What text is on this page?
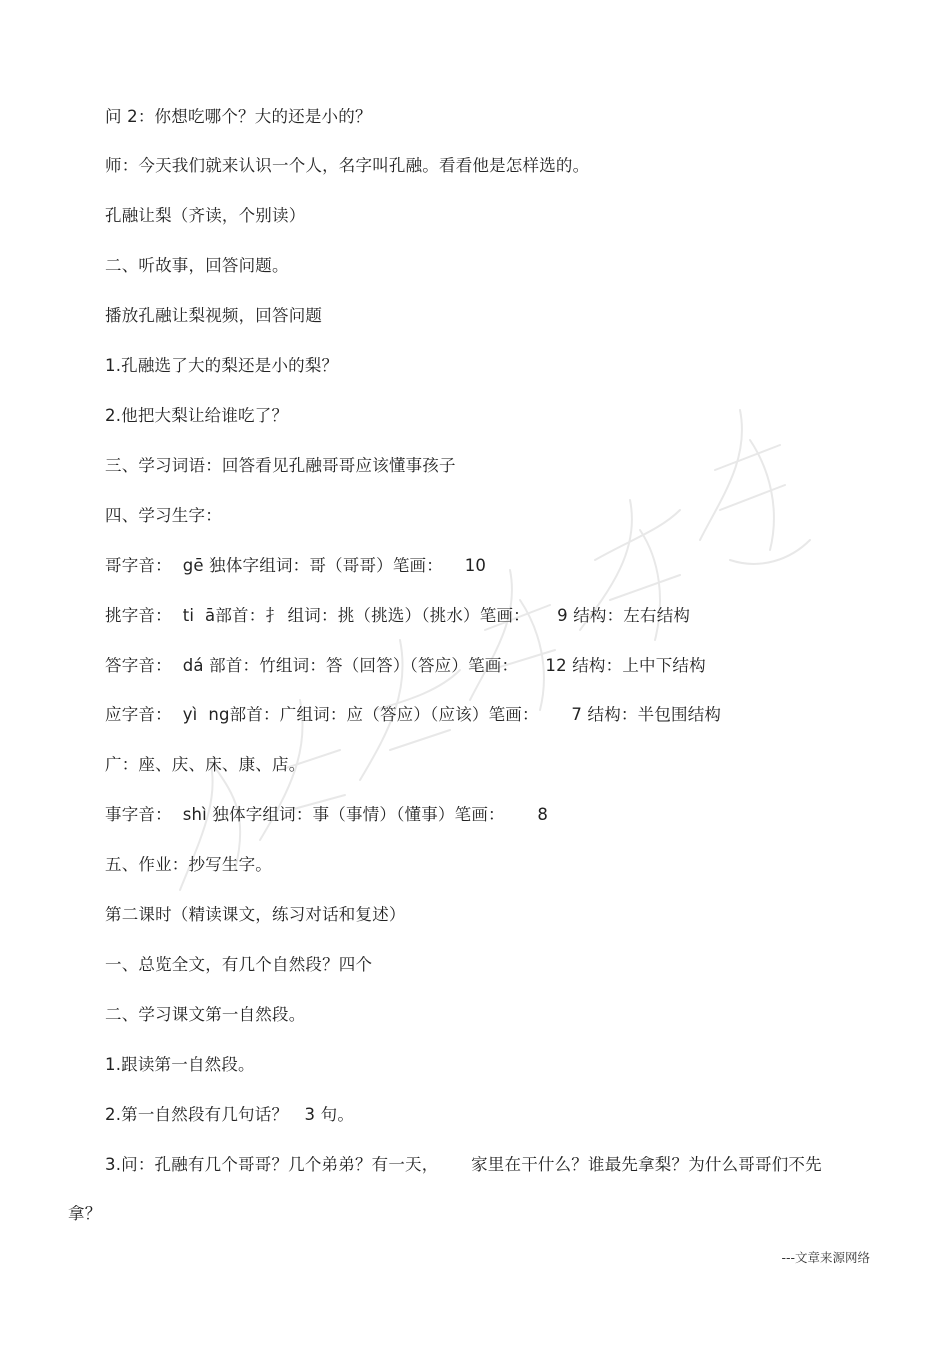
问 2：你想吃哪个？大的还是小的？
师：今天我们就来认识一个人，名字叫孔融。看看他是怎样选的。
孔融让梨（齐读，个别读）
二、听故事，回答问题。
播放孔融让梨视频，回答问题
1.孔融选了大的梨还是小的梨？
2.他把大梨让给谁吃了？
三、学习词语：回答看见孔融哥哥应该懂事孩子
四、学习生字：
哥字音：  gē 独体字组词：哥（哥哥）笔画：    10
挑字音：  ti  ā部首：扌 组词：挑（挑选）（挑水）笔画：     9 结构：左右结构
答字音：  dá 部首：竹组词：答（回答）（答应）笔画：     12 结构：上中下结构
应字音：  yì  ng部首：广组词：应（答应）（应该）笔画：      7 结构：半包围结构
广：座、庆、床、康、店。
事字音：  shì 独体字组词：事（事情）（懂事）笔画：      8
五、作业：抄写生字。
第二课时（精读课文，练习对话和复述）
一、总览全文，有几个自然段？四个
二、学习课文第一自然段。
1.跟读第一自然段。
2.第一自然段有几句话？   3 句。
3.问：孔融有几个哥哥？几个弟弟？有一天，      家里在干什么？谁最先拿梨？为什么哥哥们不先
拿？
---文章来源网络
